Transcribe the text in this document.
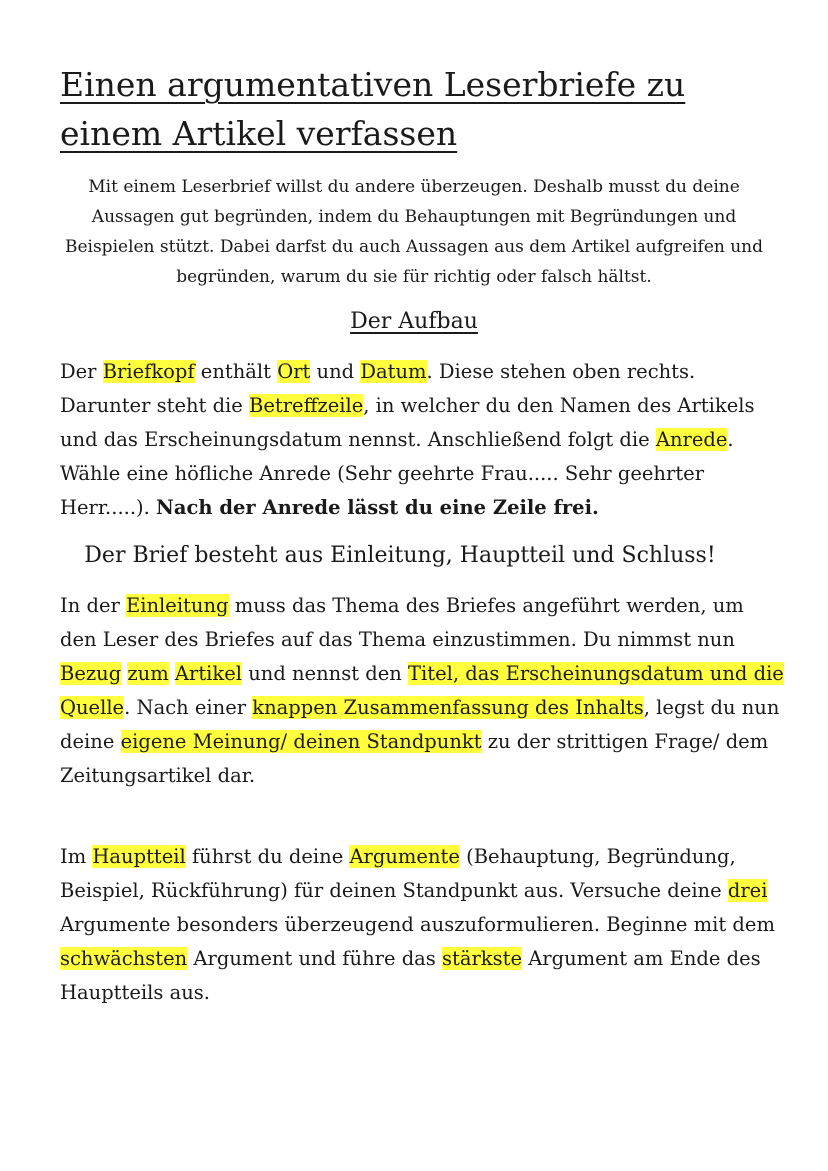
Einen argumentativen Leserbriefe zu einem Artikel verfassen

Mit einem Leserbrief willst du andere überzeugen. Deshalb musst du deine Aussagen gut begründen, indem du Behauptungen mit Begründungen und Beispielen stützt. Dabei darfst du auch Aussagen aus dem Artikel aufgreifen und begründen, warum du sie für richtig oder falsch hältst.

Der Aufbau

Der Briefkopf enthält Ort und Datum. Diese stehen oben rechts. Darunter steht die Betreffzeile, in welcher du den Namen des Artikels und das Erscheinungsdatum nennst. Anschließend folgt die Anrede. Wähle eine höfliche Anrede (Sehr geehrte Frau..... Sehr geehrter Herr.....). Nach der Anrede lässt du eine Zeile frei.

Der Brief besteht aus Einleitung, Hauptteil und Schluss!

In der Einleitung muss das Thema des Briefes angeführt werden, um den Leser des Briefes auf das Thema einzustimmen. Du nimmst nun Bezug zum Artikel und nennst den Titel, das Erscheinungsdatum und die Quelle. Nach einer knappen Zusammenfassung des Inhalts, legst du nun deine eigene Meinung/ deinen Standpunkt zu der strittigen Frage/ dem Zeitungsartikel dar.

Im Hauptteil führst du deine Argumente (Behauptung, Begründung, Beispiel, Rückführung) für deinen Standpunkt aus. Versuche deine drei Argumente besonders überzeugend auszuformulieren. Beginne mit dem schwächsten Argument und führe das stärkste Argument am Ende des Hauptteils aus.
